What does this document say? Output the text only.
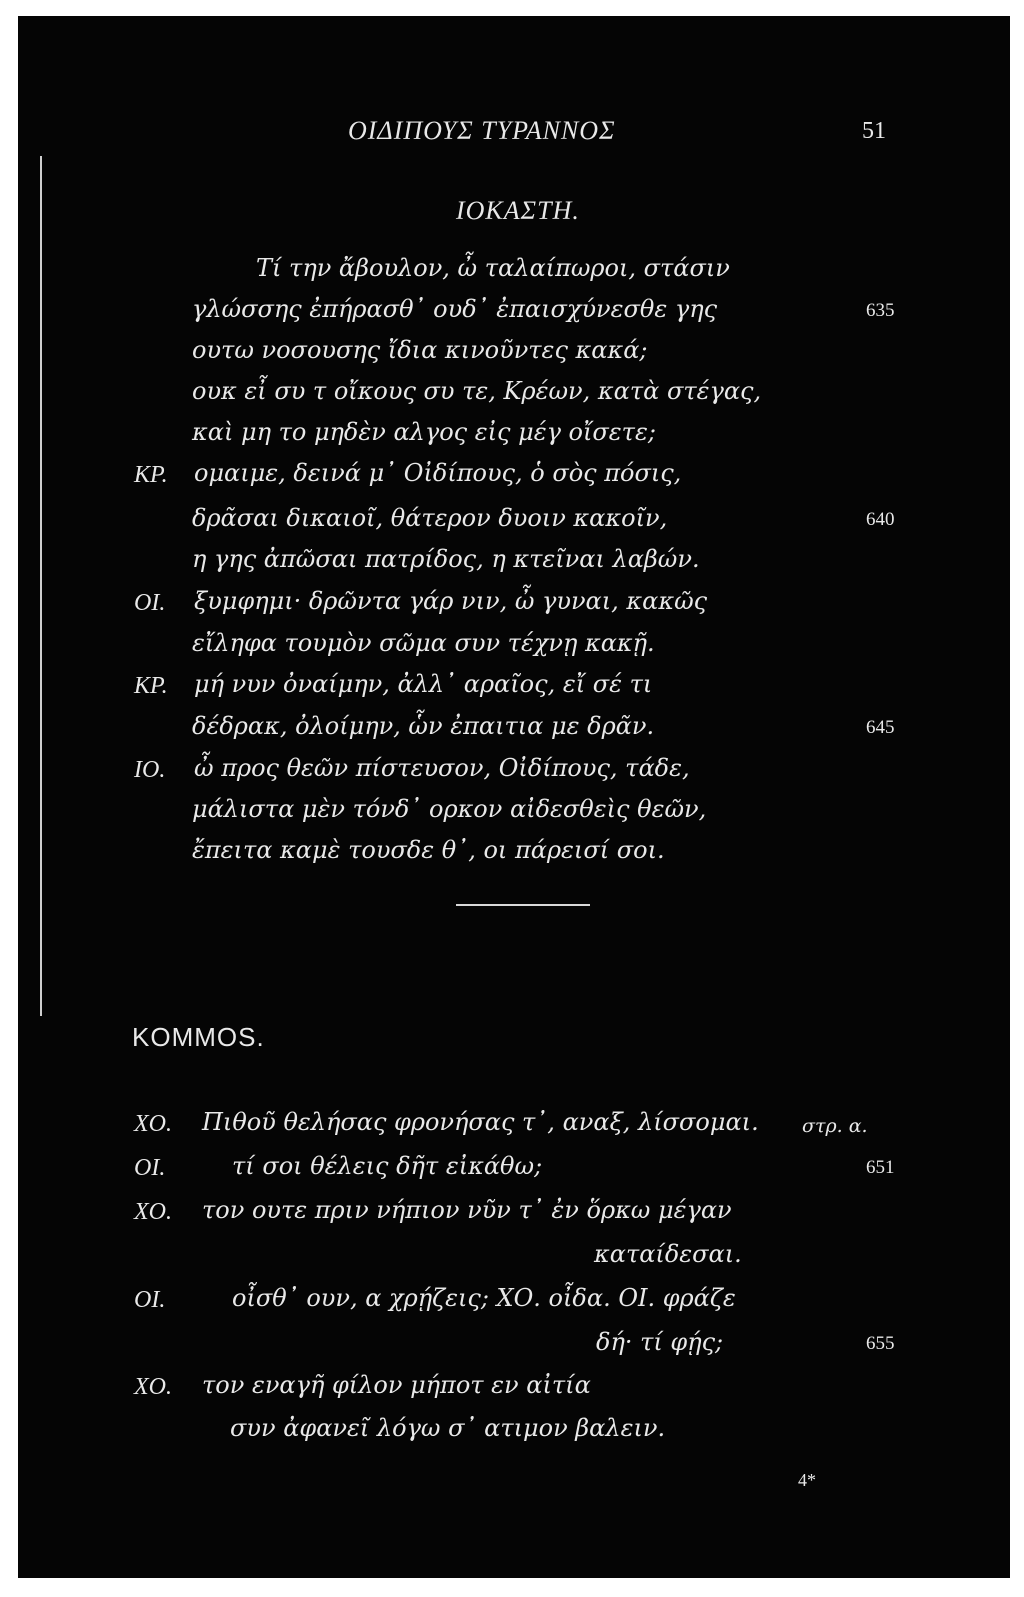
ΟΙΔΙΠΟΥΣ ΤΥΡΑΝΝΟΣ	51
ΙΟΚΑΣΤΗ.
Τί την ἄβουλον, ὦ ταλαίπωροι, στάσιν
γλώσσης ἐπήρασθ᾽ ουδ᾽ ἐπαισχύνεσθε γης	635
ουτω νοσουσης ἴδια κινοῦντες κακά;
ουκ εἶ συ τ οἴκους συ τε, Κρέων, κατὰ στέγας,
καὶ μη το μηδὲν αλγος εἰς μέγ οἴσετε;
ΚΡ. ομαιμε, δεινά μ᾽ Οἰδίπους, ὁ σὸς πόσις,
δρᾶσαι δικαιοῖ, θάτερον δυοιν κακοῖν,	640
η γης ἀπῶσαι πατρίδος, η κτεῖναι λαβών.
ΟΙ. ξυμφημι· δρῶντα γάρ νιν, ὦ γυναι, κακῶς
εἴληφα τουμὸν σῶμα συν τέχνῃ κακῇ.
ΚΡ. μή νυν ὀναίμην, ἀλλ᾽ αραῖος, εἴ σέ τι
δέδρακ, ὀλοίμην, ὧν ἐπαιτια με δρᾶν.	645
ΙΟ. ὦ προς θεῶν πίστευσον, Οἰδίπους, τάδε,
μάλιστα μὲν τόνδ᾽ ορκον αἰδεσθεὶς θεῶν,
ἔπειτα καμὲ τουσδε θ᾽, οι πάρεισί σοι.
KOMMOS.
ΧΟ. Πιθοῦ θελήσας φρονήσας τ᾽, αναξ, λίσσομαι. στρ. α.
ΟΙ.	τί σοι θέλεις δῆτ εἰκάθω;	651
ΧΟ. τον ουτε πριν νήπιον νῦν τ᾽ ἐν ὅρκω μέγαν
καταίδεσαι.
ΟΙ.	οἶσθ᾽ ουν, α χρῄζεις; ΧΟ. οἶδα. ΟΙ. φράζε
δή· τί φῄς;	655
ΧΟ. τον εναγῆ φίλον μήποτ εν αἰτία
συν ἀφανεῖ λόγω σ᾽ ατιμον βαλειν.
4*
